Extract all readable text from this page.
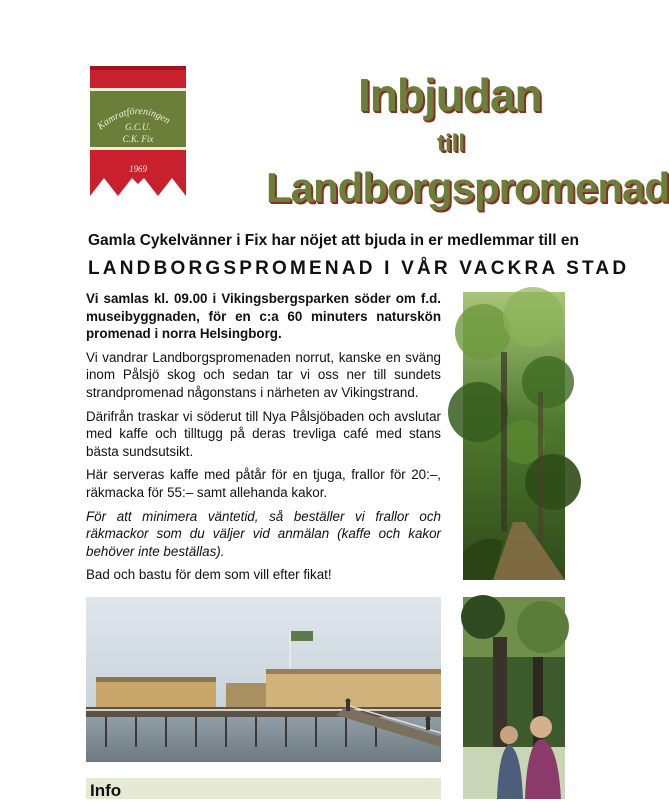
Kamratföreningen
G.C.U.
C.K. Fix
1969
Inbjudan
till
Landborgspromenad
Gamla Cykelvänner i Fix har nöjet att bjuda in er medlemmar till en
LANDBORGSPROMENAD I VÅR VACKRA STAD

Vi samlas kl. 09.00 i Vikingsbergsparken söder om f.d. museibyggnaden, för en c:a 60 minuters naturskön promenad i norra Helsingborg.

Vi vandrar Landborgspromenaden norrut, kanske en sväng inom Pålsjö skog och sedan tar vi oss ner till sundets strandpromenad någonstans i närheten av Vikingstrand.

Därifrån traskar vi söderut till Nya Pålsjöbaden och avslutar med kaffe och tilltugg på deras trevliga café med stans bästa sundsutsikt.

Här serveras kaffe med påtår för en tjuga, frallor för 20:–, räkmacka för 55:– samt allehanda kakor.

För att minimera väntetid, så beställer vi frallor och räkmackor som du väljer vid anmälan (kaffe och kakor behöver inte beställas).

Bad och bastu för dem som vill efter fikat!

Info
